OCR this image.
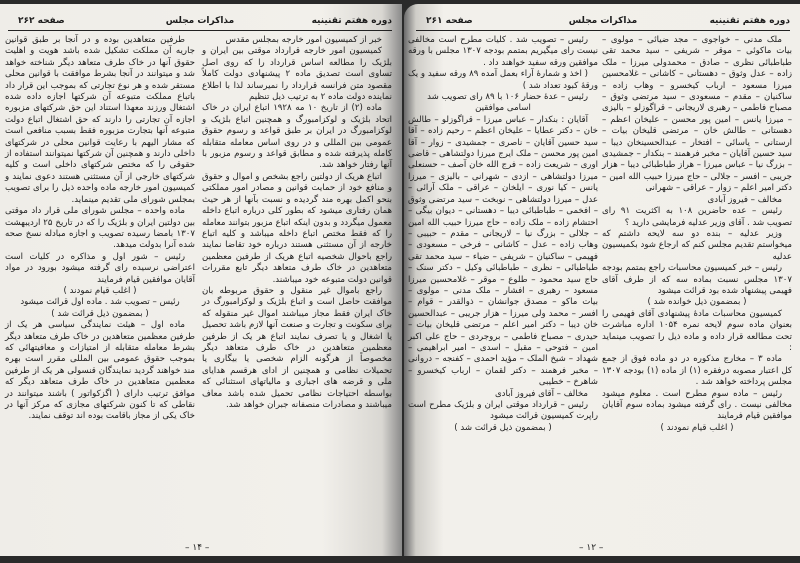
دوره هفتم تقنینیه
مذاکرات مجلس
صفحه ۲۶۲

خبر از کمیسیون امور خارجه بمجلس مقدس

کمیسیون امور خارجه قرارداد موقتی بین ایران و بلژیک را مطالعه اساس قرارداد را که روی اصل تساوی است تصدیق ماده ۲ پیشنهادی دولت کاملاً مقصود متن فرانسه قرارداد را نمیرساند لذا با اطلاع نماینده دولت ماده ۲ به ترتیب ذیل تنظیم

ماده (۲) از تاریخ ۱۰ مه ۱۹۲۸ اتباع ایران در خاک اتحاد بلژیک و لوکزامبورگ و همچنین اتباع بلژیک و لوکزامبورگ در ایران بر طبق قواعد و رسوم حقوق عمومی بین المللی و در روی اساس معامله متقابله کامله پذیرفته شده و مطابق قواعد و رسوم مزبور با آنها رفتار خواهد شد.

اتباع هریک از دولتین راجع بشخص و اموال و حقوق و منافع خود از حمایت قوانین و مصادر امور مملکتی بنحو اکمل بهره مند گردیده و نسبت بآنها از هر حیث همان رفتاری میشود که بطور کلی درباره اتباع داخله معمول میگردد و بدون اینکه اتباع مزبور بتوانند معامله را که فقط مختص اتباع داخله میباشد و کلیه اتباع خارجه از آن مستثنی هستند درباره خود تقاضا نمایند راجع باحوال شخصیه اتباع هریک از طرفین معظمین متعاهدین در خاک طرف متعاهد دیگر تابع مقررات قوانین دولت متبوعه خود میباشند.

راجع باموال غیر منقول و حقوق مربوطه بان موافقت حاصل است و اتباع بلژیک و لوکزامبورگ در خاک ایران فقط مجاز میباشند اموال غیر منقوله که برای سکونت و تجارت و صنعت آنها لازم باشد تحصیل یا اشغال و یا تصرف نمایند اتباع هر یک از طرفین معظمین متعاهدین در خاک طرف متعاهد دیگر مخصوصاً از هرگونه الزام شخصی یا بیگاری یا تحمیلات نظامی و همچنین از ادای هرقسم هدایای ملی و قرضه های اجباری و مالیاتهای استثنائی که بواسطه احتیاجات نظامی تحمیل شده باشد معاف میباشند و مصادرات منصفانه جبران خواهد شد.

طرفین متعاهدین بوده و در آنجا بر طبق قوانین جاریه آن مملکت تشکیل شده باشد هویت و اهلیت حقوق آنها در خاک طرف متعاهد دیگر شناخته خواهد شد و میتوانند در آنجا بشرط موافقت با قوانین محلی مستقر شده و هر نوع تجارتی که بموجب این قرار داد باتباع مملکت متبوعه آن شرکتها اجازه داده شده اشتغال ورزند معهذا استناد این حق شرکتهای مزبوره اجازه آن تجارتی را دارند که حق اشتغال اتباع دولت متبوعه آنها بتجارت مزبوره فقط بسبب منافعی است که مشار الیهم با رعایت قوانین محلی در شرکتهای داخلی دارند و همچنین آن شرکتها نمیتوانند استفاده از حقوقی را که مختص شرکتهای داخلی است و کلیه شرکتهای خارجی از آن مستثنی هستند دعوی نمایند و کمیسیون امور خارجه ماده واحده ذیل را برای تصویب بمجلس شورای ملی تقدیم مینماید.

ماده واحده – مجلس شورای ملی قرار داد موقتی بین دولتین ایران و بلژیک را که در تاریخ ۲۵ اردیبهشت ۱۳۰۷ بامضا رسیده تصویب و اجازه مبادله نسخ صحه شده آنرا بدولت میدهد.

رئیس – شور اول و مذاکره در کلیات است اعتراضی نرسیده رای گرفته میشود بورود در مواد آقایان موافقین قیام فرمایند

( اغلب قیام نمودند )

رئیس – تصویب شد . ماده اول قرائت میشود

( بمضمون ذیل قرائت شد )

ماده اول – هیئت نمایندگی سیاسی هر یک از طرفین معظمین متعاهدین در خاک طرف متعاهد دیگر بشرط معامله متقابله از امتیازات و معافیتهائی که بموجب حقوق عمومی بین المللی مقرر است بهره مند خواهند گردید نمایندگان قنسولی هر یک از طرفین معظمین متعاهدین در خاک طرف متعاهد دیگر که موافق ترتیب دارای ( اگزکواتور ) باشند میتوانند در نقاطی که تا کنون شرکتهای مجازی که مرکز آنها در خاک یکی از مجاز باقامت بوده اند توقف نمایند.

– ۱۴ –
دوره هفتم تقنینیه
مذاکرات مجلس
صفحه ۲۶۱

ملک مدنی – خواجوی – مجد ضیائی – مولوی – بیات ماکوئی – موقر – شریفی – سید محمد تقی طباطبائی نظری – صادق – محمدولی میرزا – ملک زاده – عدل وثوق – دهستانی – کاشانی – غلامحسین میرزا مسعود – ارباب کیخسرو – وهاب زاده – ساکنیان – مقدم – مسعودی – سید مرتضی وثوق – مصباح فاطمی – رهبری لاریجانی – قراگوزلو – بالیزی – میرزا یانس – امین پور محسن – علیخان اعظم – دهستانی – طالش خان – مرتضی قلیخان بیات – ارستانی – یاسائی – افتخار – عبدالحسینخان دیبا – سید حسین آقایان – مخبر فرهمند – بنکدار – جمشیدی – بزرگ نیا – عباس میرزا – هراز طباطبائی دیبا – هزار جریبی – افسر – جلالی – حاج میرزا حبیب الله امین – دکتر امیر اعلم – زوار – عراقی – شهرانی

مخالف – فیروز آبادی

رئیس – عده حاضرین ۱۰۸ به اکثریت ۹۱ رای تصویب شد . آقای وزیر عدلیه فرمایشی دارید ؟

وزیر عدلیه – بنده دو سه لایحه داشتم که میخواستم تقدیم مجلس کنم که ارجاع شود بکمیسیون عدلیه

رئیس – خبر کمیسیون محاسبات راجع بمتمم بودجه ۱۳۰۷ مجلس نسبت بماده سه که از طرف آقای فهیمی پیشنهاد شده بود قرائت میشود

( بمضمون ذیل خوانده شد )

کمیسیون محاسبات مادهٔ پیشنهادی آقای فهیمی را بعنوان ماده سوم لایحه نمره ۱۰۵۴ اداره مباشرت تحت مطالعه قرار داده و ماده ذیل را تصویب مینماید :

ماده ۳ – مخارج مذکوره در دو ماده فوق از جمع کل اعتبار مصوبه درفقره (۱) از ماده (۱) بودجه ۱۳۰۷ مجلس پرداخته خواهد شد .

رئیس – ماده سوم مطرح است . معلوم میشود مخالفی نیست . رای گرفته میشود بماده سوم آقایان موافقین قیام فرمایند

( اغلب قیام نمودند )

رئیس – تصویب شد . کلیات مطرح است مخالفی نیست رای میگیریم بمتمم بودجه ۱۳۰۷ مجلس با ورقه موافقین ورقه سفید خواهند داد .

( اخذ و شمارهٔ آراء بعمل آمده ۸۹ ورقه سفید و یک ورقهٔ کبود تعداد شد )

رئیس – عدهٔ حضار ۱۰۶ با ۸۹ رای تصویب شد

اسامی موافقین

آقایان : بنکدار – عباس میرزا – قراگوزلو – طالش خان – دکتر عطایا – علیخان اعظم – رحیم زاده – آقا سید حسین آقایان – ناصری – جمشیدی – زوار – آقا امین پور محسن – ملک ایرج میرزا دولتشاهی – قاضی اوری – شریعت زاده – فرج الله خان آصف – حسنعلی میرزا دولتشاهی – ازدی – شهرانی – بالیزی – میرزا یانس – کیا نوری – ایلخان – عراقی – ملک آرائی – عدل – میرزا دولتشاهی – نوبخت – سید مرتضی وثوق – افخمی – طباطبائی دیبا – دهستانی – دیوان بیگی – احتشام زاده – ملک زاده – حاج میرزا حبیب الله امین – جلالی – بزرگ نیا – لاریجانی – مقدم – حبیبی – وهاب زاده – عدل – کاشانی – فرخی – مسعودی – فهیمی – ساکنیان – شریفی – ضیاء – سید محمد تقی طباطبائی – نظری – طباطبائی وکیل – دکتر سنک – حاج سید محمود – طلوع – موقر – غلامحسین میرزا مسعود – رهبری – افشار – ملک مدنی – مولوی – بیات ماکو – مصدق جوانشان – ذوالقدر – قوام – افسر – محمد ولی میرزا – هزار جریبی – عبدالحسین خان دیبا – دکتر امیر اعلم – مرتضی قلیخان بیات – حیدری – مصباح فاطمی – بروجردی – حاج علی اکبر امین – فتوحی – مقبل – اسدی – امیر ابراهیمی – شهداد – شیخ الملک – مؤید احمدی – کفنجه – دروانی – مخبر فرهمند – دکتر لقمان – ارباب کیخسرو – شاهرخ – خطیبی

مخالف – آقای فیروز آبادی

رئیس – قرارداد موقتی ایران و بلژیک مطرح است راپرت کمیسیون قرائت میشود

( بمضمون ذیل قرائت شد )

– ۱۲ –
